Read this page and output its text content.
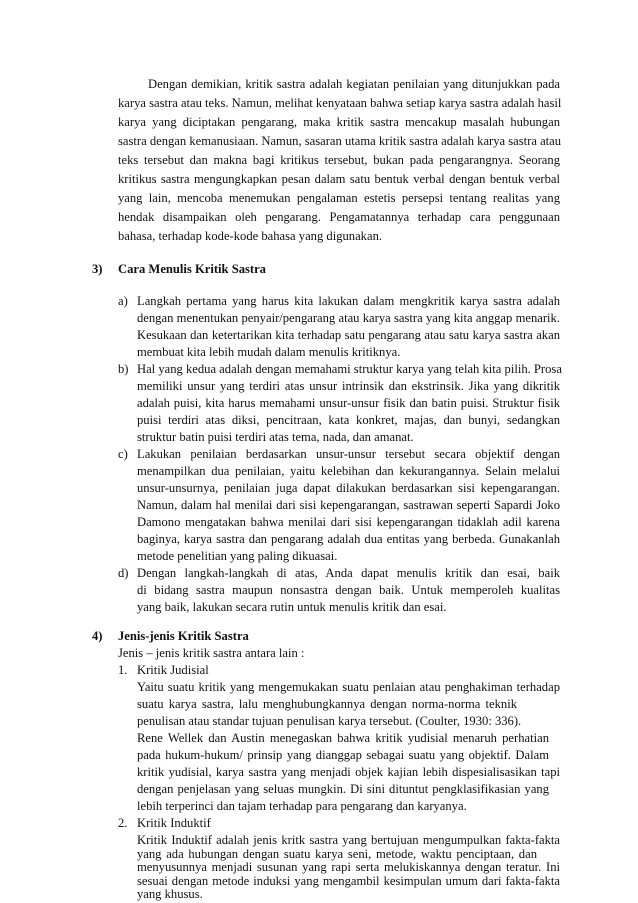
Dengan demikian, kritik sastra adalah kegiatan penilaian yang ditunjukkan pada
karya sastra atau teks. Namun, melihat kenyataan bahwa setiap karya sastra adalah hasil
karya yang diciptakan pengarang, maka kritik sastra mencakup masalah hubungan
sastra dengan kemanusiaan. Namun, sasaran utama kritik sastra adalah karya sastra atau
teks tersebut dan makna bagi kritikus tersebut, bukan pada pengarangnya. Seorang
kritikus sastra mengungkapkan pesan dalam satu bentuk verbal dengan bentuk verbal
yang lain, mencoba menemukan pengalaman estetis persepsi tentang realitas yang
hendak disampaikan oleh pengarang. Pengamatannya terhadap cara penggunaan
bahasa, terhadap kode-kode bahasa yang digunakan.
3) Cara Menulis Kritik Sastra
a) Langkah pertama yang harus kita lakukan dalam mengkritik karya sastra adalah
dengan menentukan penyair/pengarang atau karya sastra yang kita anggap menarik.
Kesukaan dan ketertarikan kita terhadap satu pengarang atau satu karya sastra akan
membuat kita lebih mudah dalam menulis kritiknya.
b) Hal yang kedua adalah dengan memahami struktur karya yang telah kita pilih. Prosa
memiliki unsur yang terdiri atas unsur intrinsik dan ekstrinsik. Jika yang dikritik
adalah puisi, kita harus memahami unsur-unsur fisik dan batin puisi. Struktur fisik
puisi terdiri atas diksi, pencitraan, kata konkret, majas, dan bunyi, sedangkan
struktur batin puisi terdiri atas tema, nada, dan amanat.
c) Lakukan penilaian berdasarkan unsur-unsur tersebut secara objektif dengan
menampilkan dua penilaian, yaitu kelebihan dan kekurangannya. Selain melalui
unsur-unsurnya, penilaian juga dapat dilakukan berdasarkan sisi kepengarangan.
Namun, dalam hal menilai dari sisi kepengarangan, sastrawan seperti Sapardi Joko
Damono mengatakan bahwa menilai dari sisi kepengarangan tidaklah adil karena
baginya, karya sastra dan pengarang adalah dua entitas yang berbeda. Gunakanlah
metode penelitian yang paling dikuasai.
d) Dengan langkah-langkah di atas, Anda dapat menulis kritik dan esai, baik
di bidang sastra maupun nonsastra dengan baik. Untuk memperoleh kualitas
yang baik, lakukan secara rutin untuk menulis kritik dan esai.
4) Jenis-jenis Kritik Sastra
Jenis – jenis kritik sastra antara lain :
1. Kritik Judisial
Yaitu suatu kritik yang mengemukakan suatu penlaian atau penghakiman terhadap
suatu karya sastra, lalu menghubungkannya dengan norma-norma teknik
penulisan atau standar tujuan penulisan karya tersebut. (Coulter, 1930: 336).
Rene Wellek dan Austin menegaskan bahwa kritik yudisial menaruh perhatian
pada hukum-hukum/ prinsip yang dianggap sebagai suatu yang objektif. Dalam
kritik yudisial, karya sastra yang menjadi objek kajian lebih dispesialisasikan tapi
dengan penjelasan yang seluas mungkin. Di sini dituntut pengklasifikasian yang
lebih terperinci dan tajam terhadap para pengarang dan karyanya.
2. Kritik Induktif
Kritik Induktif adalah jenis kritk sastra yang bertujuan mengumpulkan fakta-fakta
yang ada hubungan dengan suatu karya seni, metode, waktu penciptaan, dan
menyusunnya menjadi susunan yang rapi serta melukiskannya dengan teratur. Ini
sesuai dengan metode induksi yang mengambil kesimpulan umum dari fakta-fakta
yang khusus.
